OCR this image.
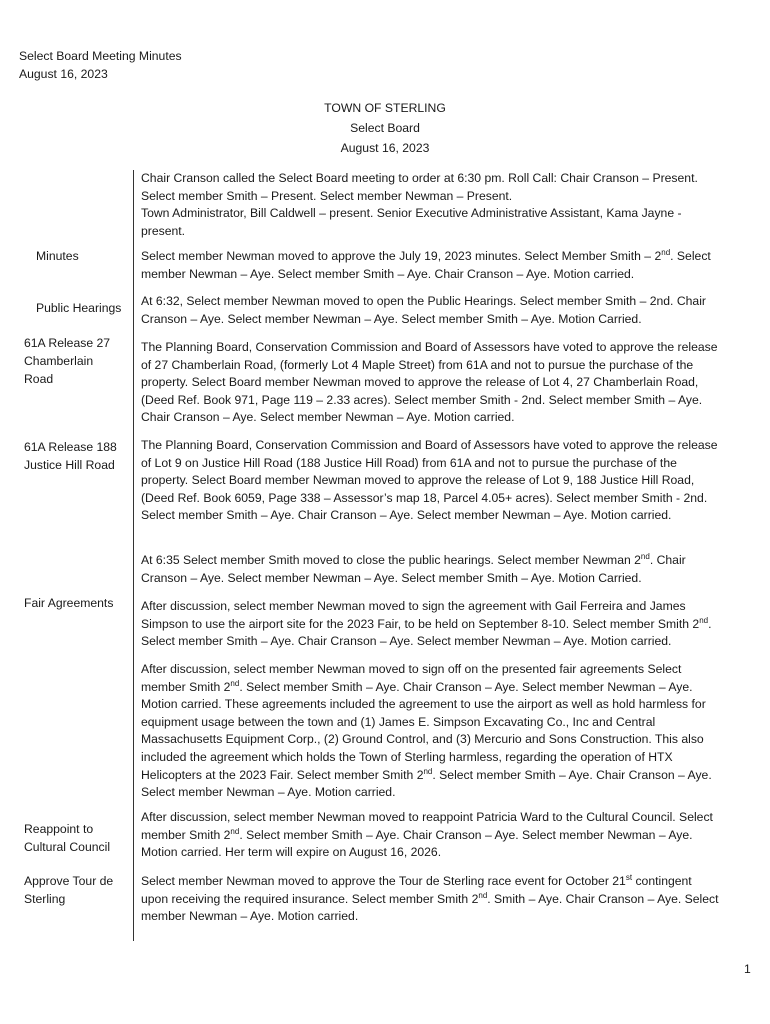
Select Board Meeting Minutes
August 16, 2023
TOWN OF STERLING
Select Board
August 16, 2023
Minutes
Public Hearings
61A Release 27 Chamberlain Road
61A Release 188 Justice Hill Road
Fair Agreements
Reappoint to Cultural Council
Approve Tour de Sterling
Chair Cranson called the Select Board meeting to order at 6:30 pm. Roll Call: Chair Cranson – Present. Select member Smith – Present. Select member Newman – Present.
Town Administrator, Bill Caldwell – present. Senior Executive Administrative Assistant, Kama Jayne - present.
Select member Newman moved to approve the July 19, 2023 minutes. Select Member Smith – 2nd. Select member Newman – Aye. Select member Smith – Aye. Chair Cranson – Aye. Motion carried.
At 6:32, Select member Newman moved to open the Public Hearings. Select member Smith – 2nd. Chair Cranson – Aye. Select member Newman – Aye. Select member Smith – Aye. Motion Carried.
The Planning Board, Conservation Commission and Board of Assessors have voted to approve the release of 27 Chamberlain Road, (formerly Lot 4 Maple Street) from 61A and not to pursue the purchase of the property. Select Board member Newman moved to approve the release of Lot 4, 27 Chamberlain Road, (Deed Ref. Book 971, Page 119 – 2.33 acres). Select member Smith - 2nd. Select member Smith – Aye. Chair Cranson – Aye. Select member Newman – Aye. Motion carried.
The Planning Board, Conservation Commission and Board of Assessors have voted to approve the release of Lot 9 on Justice Hill Road (188 Justice Hill Road) from 61A and not to pursue the purchase of the property. Select Board member Newman moved to approve the release of Lot 9, 188 Justice Hill Road, (Deed Ref. Book 6059, Page 338 – Assessor’s map 18, Parcel 4.05+ acres). Select member Smith - 2nd. Select member Smith – Aye. Chair Cranson – Aye. Select member Newman – Aye. Motion carried.
At 6:35 Select member Smith moved to close the public hearings. Select member Newman 2nd. Chair Cranson – Aye. Select member Newman – Aye. Select member Smith – Aye. Motion Carried.
After discussion, select member Newman moved to sign the agreement with Gail Ferreira and James Simpson to use the airport site for the 2023 Fair, to be held on September 8-10. Select member Smith 2nd. Select member Smith – Aye. Chair Cranson – Aye. Select member Newman – Aye. Motion carried.
After discussion, select member Newman moved to sign off on the presented fair agreements Select member Smith 2nd. Select member Smith – Aye. Chair Cranson – Aye. Select member Newman – Aye. Motion carried. These agreements included the agreement to use the airport as well as hold harmless for equipment usage between the town and (1) James E. Simpson Excavating Co., Inc and Central Massachusetts Equipment Corp., (2) Ground Control, and (3) Mercurio and Sons Construction. This also included the agreement which holds the Town of Sterling harmless, regarding the operation of HTX Helicopters at the 2023 Fair. Select member Smith 2nd. Select member Smith – Aye. Chair Cranson – Aye. Select member Newman – Aye. Motion carried.
After discussion, select member Newman moved to reappoint Patricia Ward to the Cultural Council. Select member Smith 2nd. Select member Smith – Aye. Chair Cranson – Aye. Select member Newman – Aye. Motion carried. Her term will expire on August 16, 2026.
Select member Newman moved to approve the Tour de Sterling race event for October 21st contingent upon receiving the required insurance. Select member Smith 2nd. Smith – Aye. Chair Cranson – Aye. Select member Newman – Aye. Motion carried.
1
